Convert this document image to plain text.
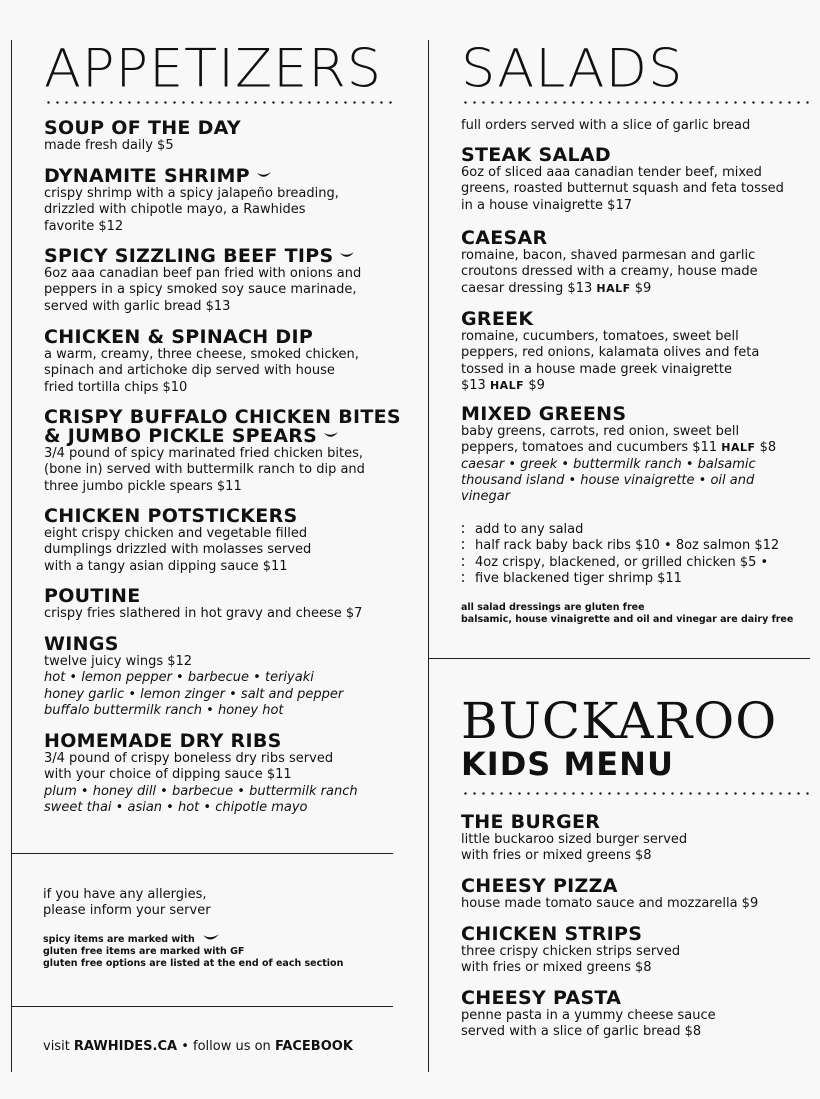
APPETIZERS
SOUP OF THE DAY
made fresh daily $5
DYNAMITE SHRIMP
crispy shrimp with a spicy jalapeño breading,
drizzled with chipotle mayo, a Rawhides
favorite $12
SPICY SIZZLING BEEF TIPS
6oz aaa canadian beef pan fried with onions and
peppers in a spicy smoked soy sauce marinade,
served with garlic bread $13
CHICKEN & SPINACH DIP
a warm, creamy, three cheese, smoked chicken,
spinach and artichoke dip served with house
fried tortilla chips $10
CRISPY BUFFALO CHICKEN BITES
& JUMBO PICKLE SPEARS
3/4 pound of spicy marinated fried chicken bites,
(bone in) served with buttermilk ranch to dip and
three jumbo pickle spears $11
CHICKEN POTSTICKERS
eight crispy chicken and vegetable filled
dumplings drizzled with molasses served
with a tangy asian dipping sauce $11
POUTINE
crispy fries slathered in hot gravy and cheese $7
WINGS
twelve juicy wings $12
hot • lemon pepper • barbecue • teriyaki
honey garlic • lemon zinger • salt and pepper
buffalo buttermilk ranch • honey hot
HOMEMADE DRY RIBS
3/4 pound of crispy boneless dry ribs served
with your choice of dipping sauce $11
plum • honey dill • barbecue • buttermilk ranch
sweet thai • asian • hot • chipotle mayo
if you have any allergies,
please inform your server
spicy items are marked with
gluten free items are marked with GF
gluten free options are listed at the end of each section
visit RAWHIDES.CA • follow us on FACEBOOK
SALADS
full orders served with a slice of garlic bread
STEAK SALAD
6oz of sliced aaa canadian tender beef, mixed
greens, roasted butternut squash and feta tossed
in a house vinaigrette $17
CAESAR
romaine, bacon, shaved parmesan and garlic
croutons dressed with a creamy, house made
caesar dressing $13 HALF $9
GREEK
romaine, cucumbers, tomatoes, sweet bell
peppers, red onions, kalamata olives and feta
tossed in a house made greek vinaigrette
$13 HALF $9
MIXED GREENS
baby greens, carrots, red onion, sweet bell
peppers, tomatoes and cucumbers $11 HALF $8
caesar • greek • buttermilk ranch • balsamic
thousand island • house vinaigrette • oil and
vinegar
add to any salad
half rack baby back ribs $10 • 8oz salmon $12
4oz crispy, blackened, or grilled chicken $5 •
five blackened tiger shrimp $11
all salad dressings are gluten free
balsamic, house vinaigrette and oil and vinegar are dairy free
BUCKAROO
KIDS MENU
THE BURGER
little buckaroo sized burger served
with fries or mixed greens $8
CHEESY PIZZA
house made tomato sauce and mozzarella $9
CHICKEN STRIPS
three crispy chicken strips served
with fries or mixed greens $8
CHEESY PASTA
penne pasta in a yummy cheese sauce
served with a slice of garlic bread $8
